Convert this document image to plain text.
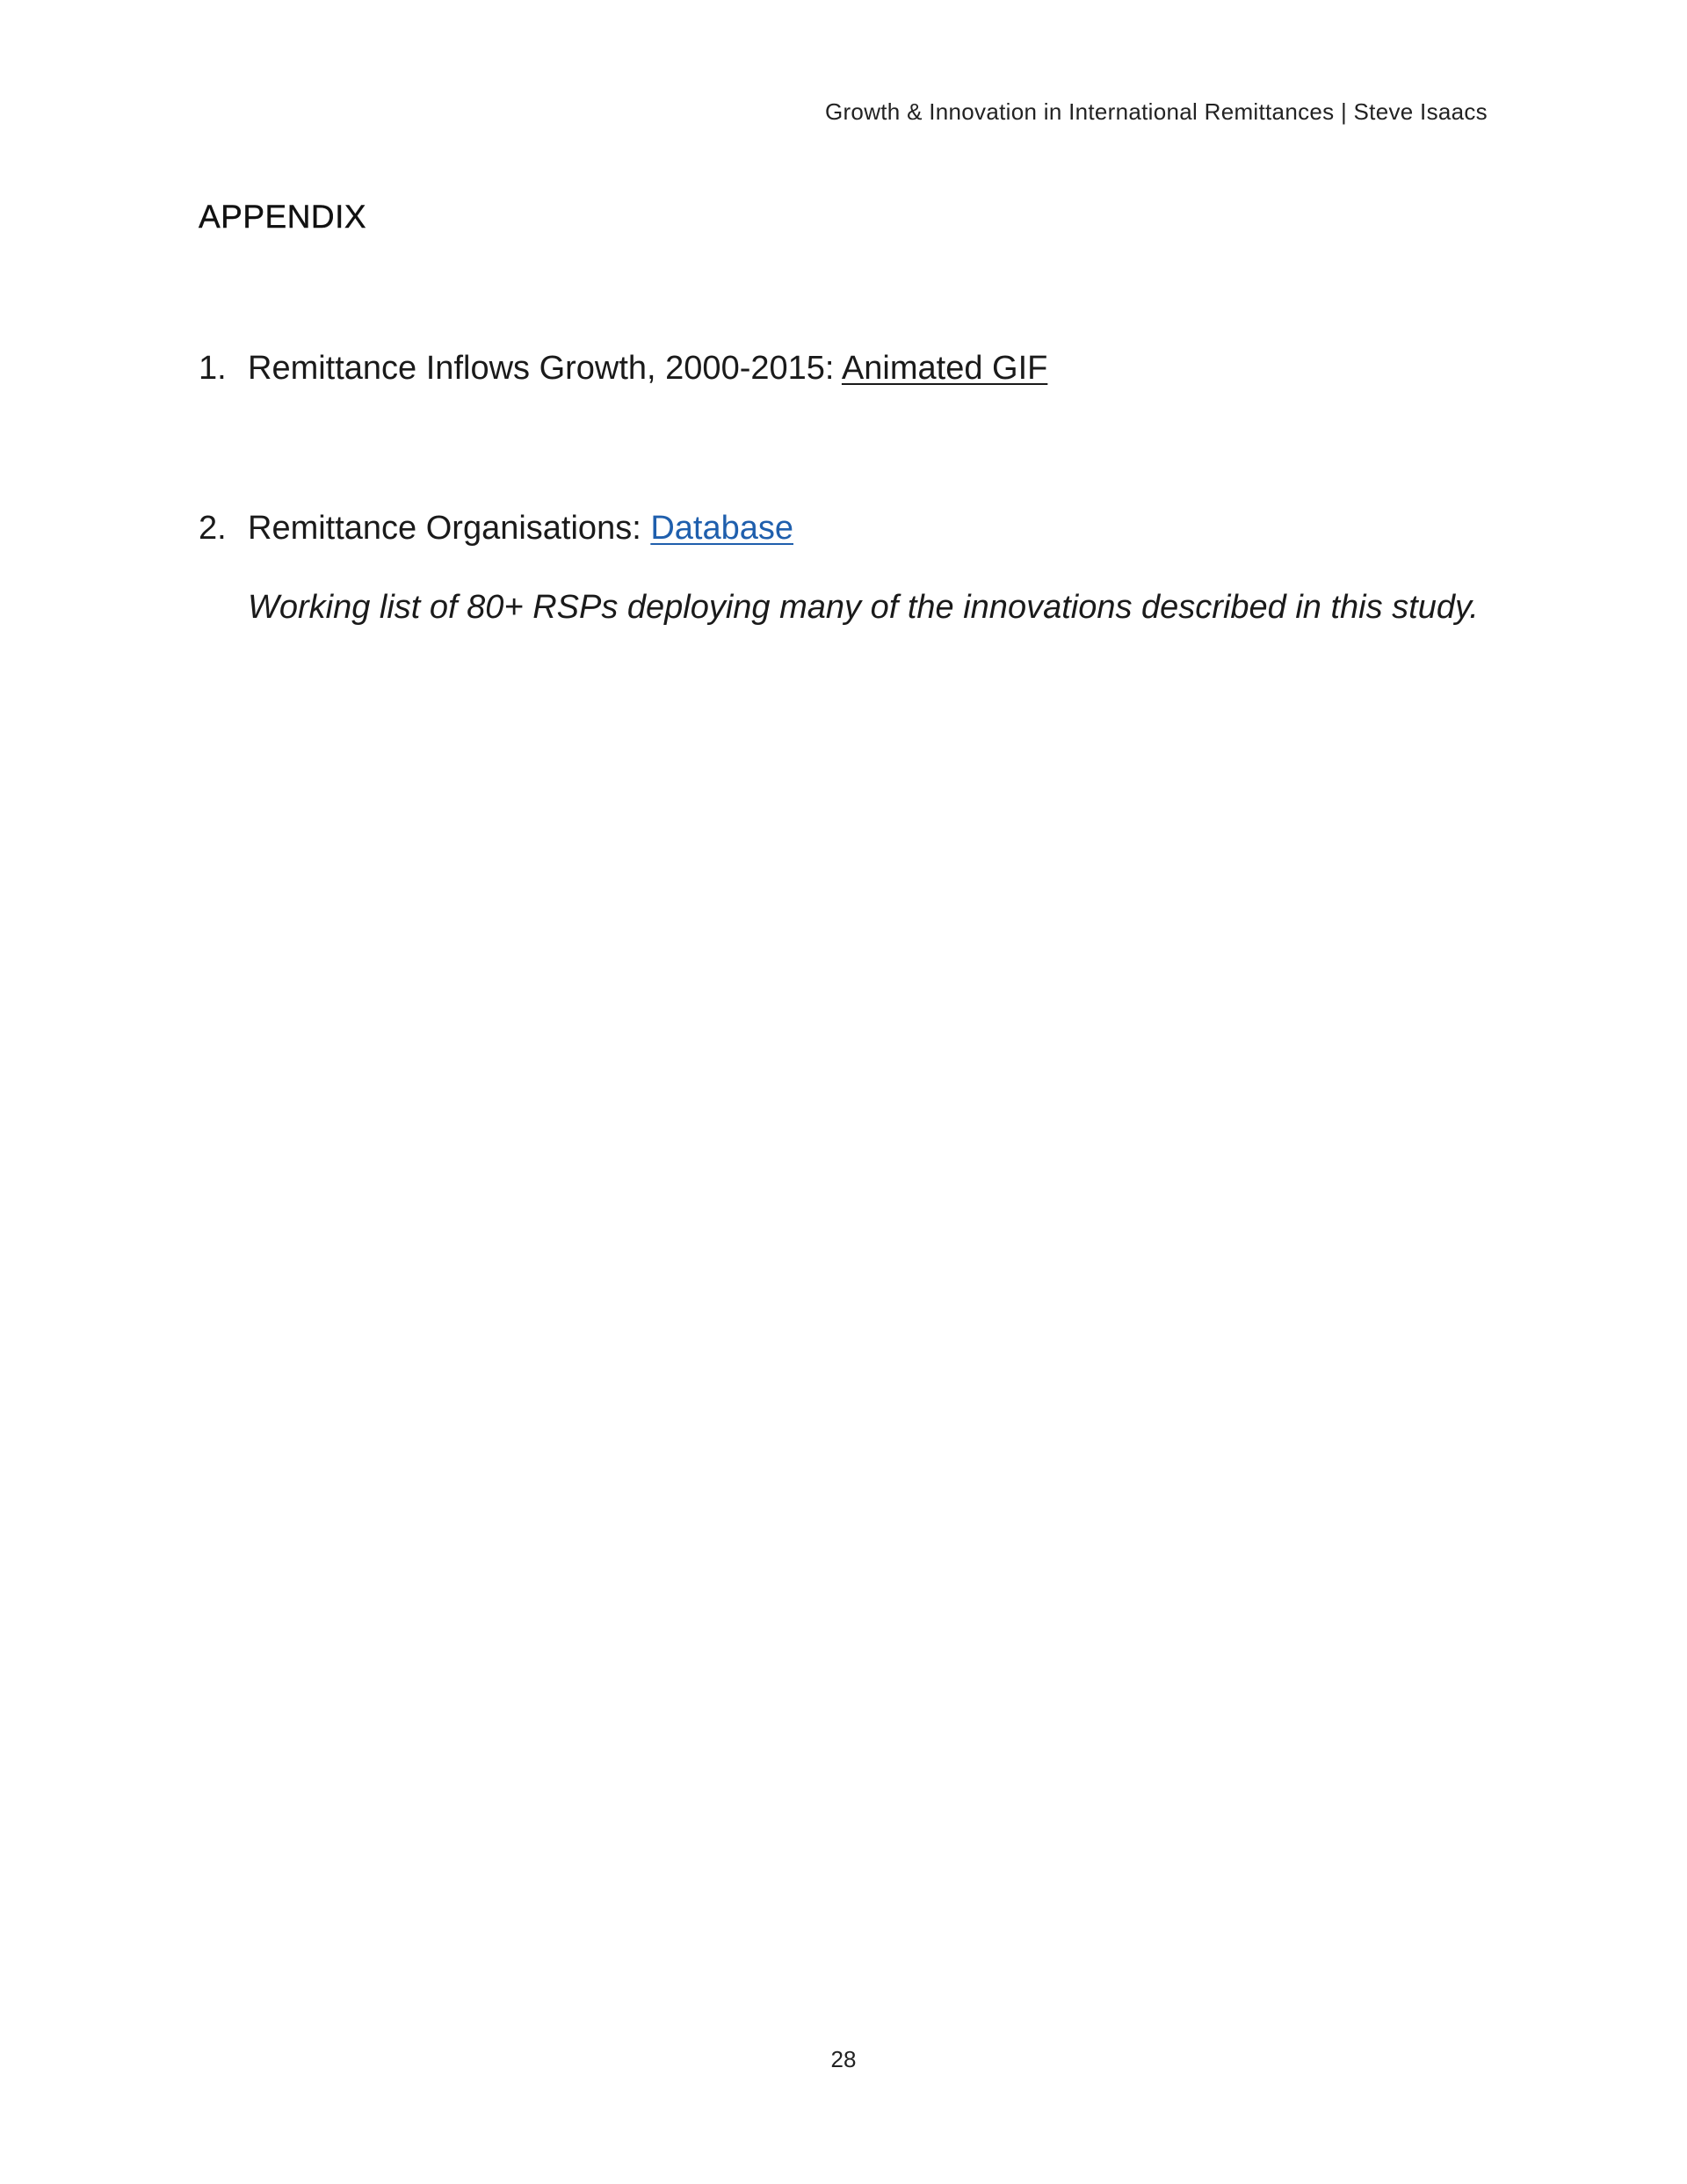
Growth & Innovation in International Remittances | Steve Isaacs
APPENDIX
1. Remittance Inflows Growth, 2000-2015: Animated GIF
2. Remittance Organisations: Database
Working list of 80+ RSPs deploying many of the innovations described in this study.
28
